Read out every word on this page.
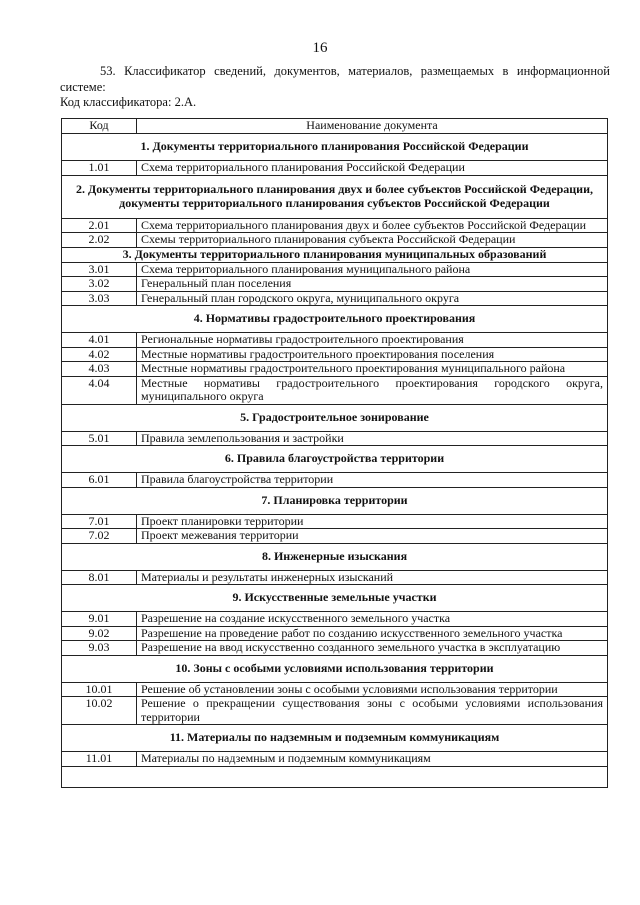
16
53. Классификатор сведений, документов, материалов, размещаемых в информационной системе:
Код классификатора: 2.А.
Код	Наименование документа
1. Документы территориального планирования Российской Федерации	
1.01	Схема территориального планирования Российской Федерации
2. Документы территориального планирования двух и более субъектов Российской Федерации, документы территориального планирования субъектов Российской Федерации	
2.01	Схема территориального планирования двух и более субъектов Российской Федерации
2.02	Схемы территориального планирования субъекта Российской Федерации
3. Документы территориального планирования муниципальных образований	
3.01	Схема территориального планирования муниципального района
3.02	Генеральный план поселения
3.03	Генеральный план городского округа, муниципального округа
4. Нормативы градостроительного проектирования	
4.01	Региональные нормативы градостроительного проектирования
4.02	Местные нормативы градостроительного проектирования поселения
4.03	Местные нормативы градостроительного проектирования муниципального района
4.04	Местные нормативы градостроительного проектирования городского округа, муниципального округа
5. Градостроительное зонирование	
5.01	Правила землепользования и застройки
6. Правила благоустройства территории	
6.01	Правила благоустройства территории
7. Планировка территории	
7.01	Проект планировки территории
7.02	Проект межевания территории
8. Инженерные изыскания	
8.01	Материалы и результаты инженерных изысканий
9. Искусственные земельные участки	
9.01	Разрешение на создание искусственного земельного участка
9.02	Разрешение на проведение работ по созданию искусственного земельного участка
9.03	Разрешение на ввод искусственно созданного земельного участка в эксплуатацию
10. Зоны с особыми условиями использования территории	
10.01	Решение об установлении зоны с особыми условиями использования территории
10.02	Решение о прекращении существования зоны с особыми условиями использования территории
11. Материалы по надземным и подземным коммуникациям	
11.01	Материалы по надземным и подземным коммуникациям
